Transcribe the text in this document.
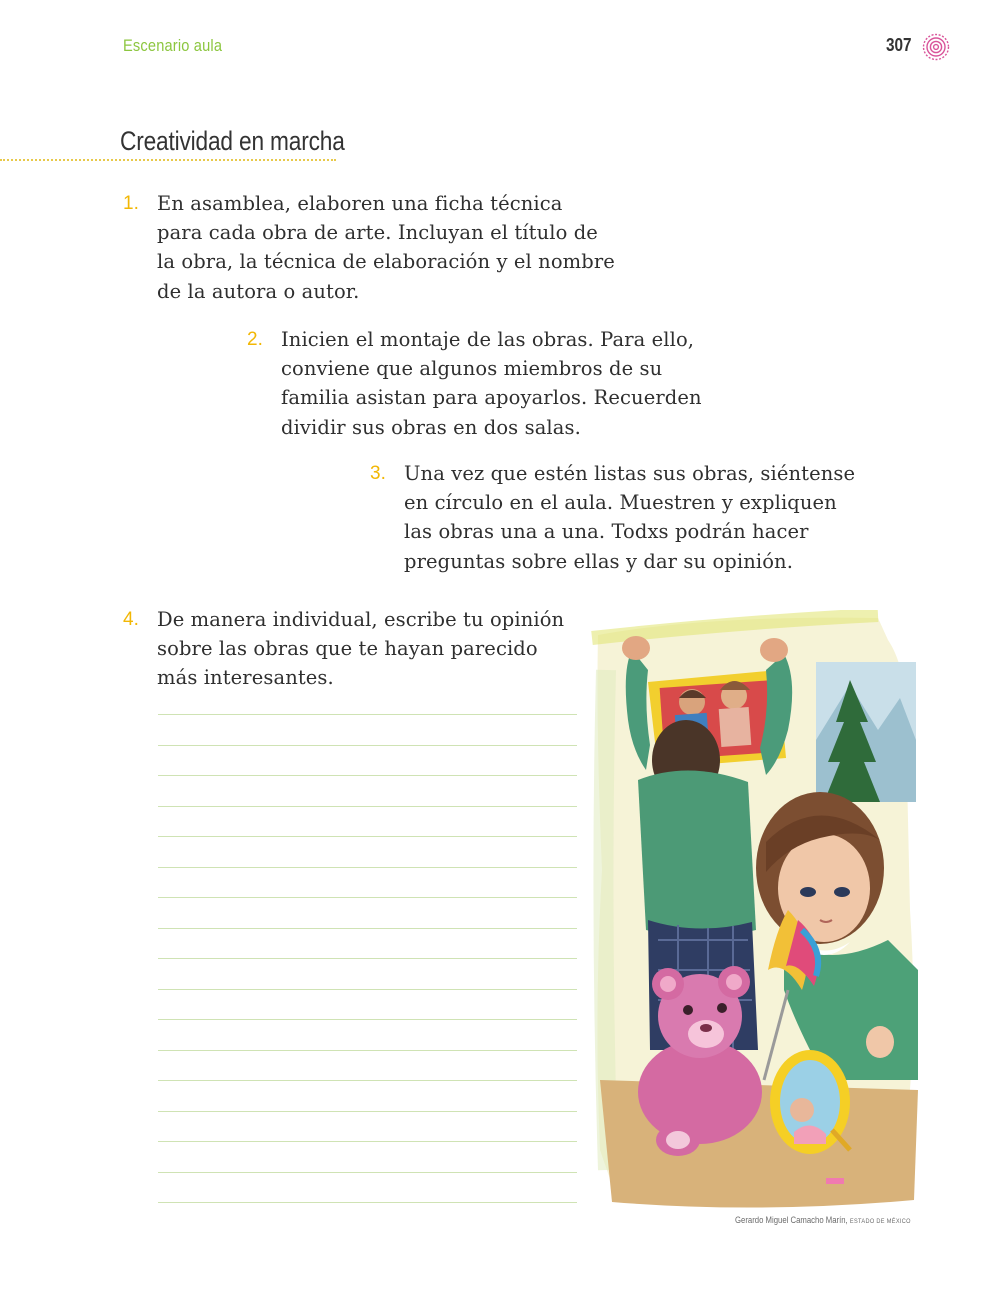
Escenario aula	307
Creatividad en marcha
1. En asamblea, elaboren una ficha técnica
para cada obra de arte. Incluyan el título de
la obra, la técnica de elaboración y el nombre
de la autora o autor.
2. Inicien el montaje de las obras. Para ello,
conviene que algunos miembros de su
familia asistan para apoyarlos. Recuerden
dividir sus obras en dos salas.
3. Una vez que estén listas sus obras, siéntense
en círculo en el aula. Muestren y expliquen
las obras una a una. Todxs podrán hacer
preguntas sobre ellas y dar su opinión.
4. De manera individual, escribe tu opinión
sobre las obras que te hayan parecido
más interesantes.
Gerardo Miguel Camacho Marín, ESTADO DE MÉXICO
